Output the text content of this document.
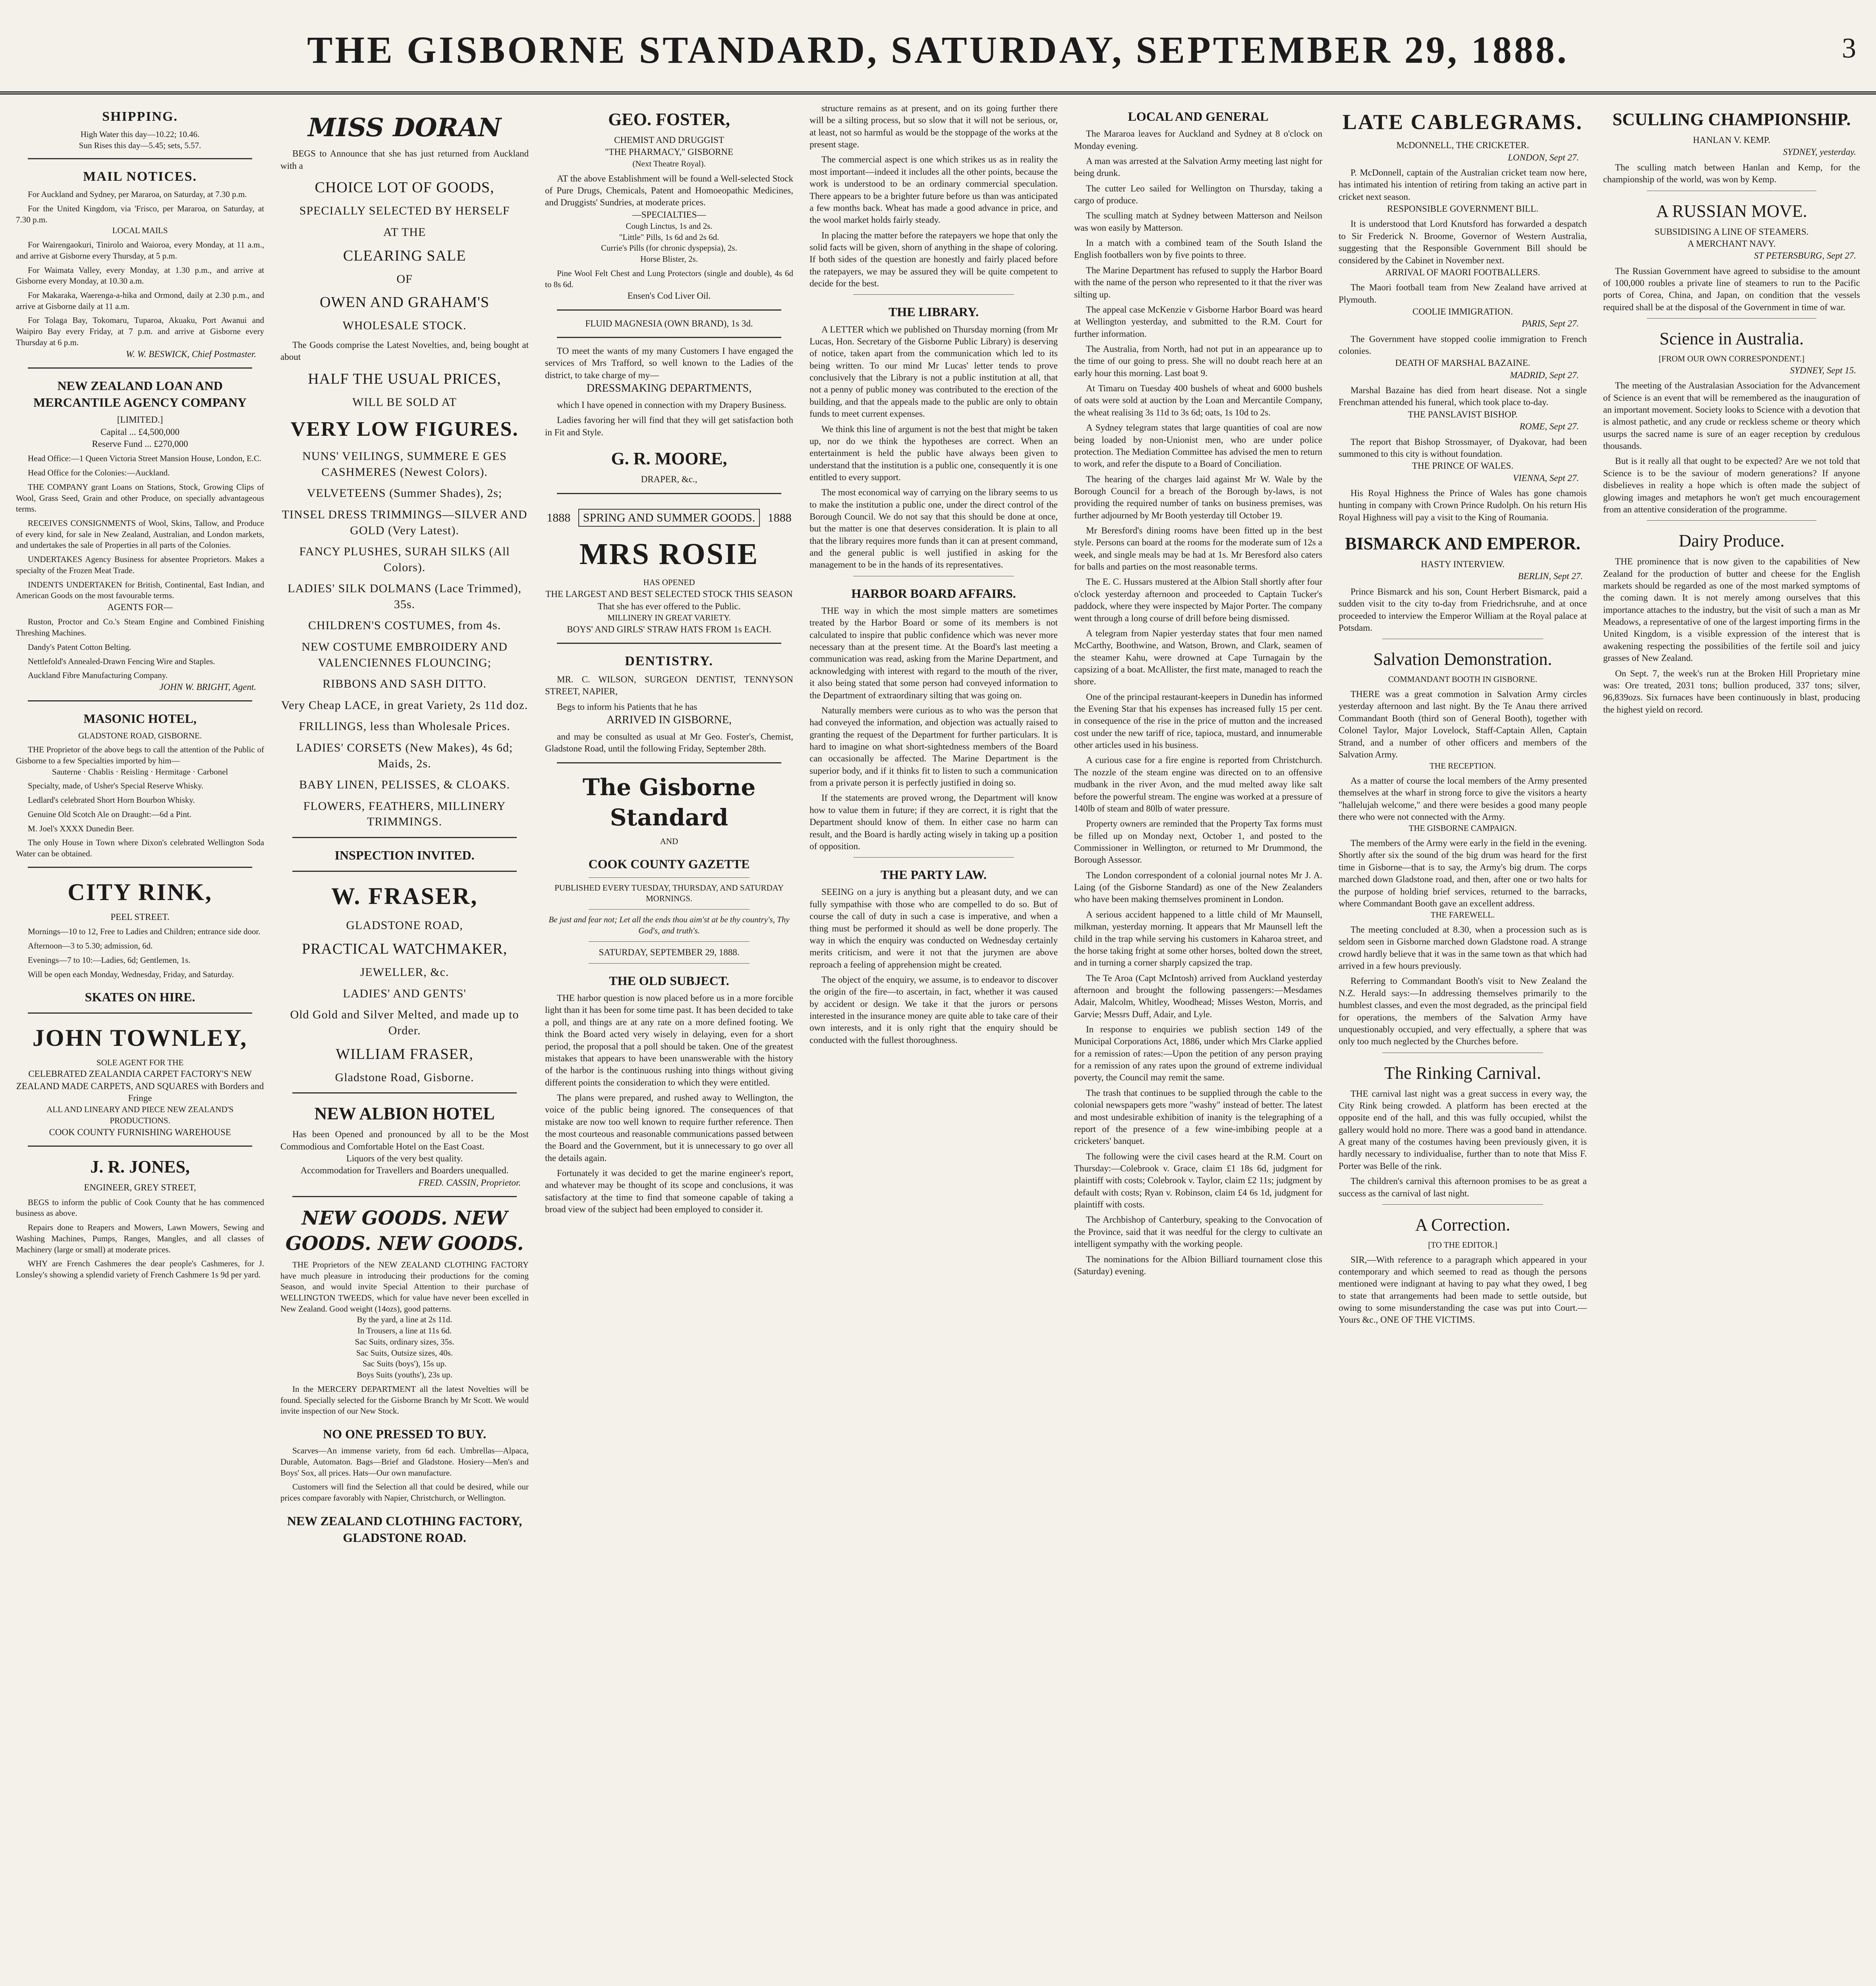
THE GISBORNE STANDARD, SATURDAY, SEPTEMBER 29, 1888.	3
SHIPPING.
High Water this day—10.22; 10.46.
Sun Rises this day—5.45; sets, 5.57.
MAIL NOTICES.
For Auckland and Sydney, per Mararoa, on Saturday, at 7.30 p.m.
For the United Kingdom, via 'Frisco, per Mararoa, on Saturday, at 7.30 p.m.
LOCAL MAILS
For Wairengaokuri, Tinirolo and Waioroa, every Monday, at 11 a.m., and arrive at Gisborne every Thursday, at 5 p.m.
For Waimata Valley, every Monday, at 1.30 p.m., and arrive at Gisborne every Monday, at 10.30 a.m.
For Makaraka, Waerenga-a-hika and Ormond, daily at 2.30 p.m., and arrive at Gisborne daily at 11 a.m.
For Tolaga Bay, Tokomaru, Tuparoa, Akuaku, Port Awanui and Waipiro Bay every Friday, at 7 p.m. and arrive at Gisborne every Thursday at 6 p.m.
W. W. BESWICK, Chief Postmaster.
NEW ZEALAND LOAN AND MERCANTILE AGENCY COMPANY
[LIMITED.]
Capital ... £4,500,000
Reserve Fund ... £270,000
Head Office:—1 Queen Victoria Street Mansion House, London, E.C.
Head Office for the Colonies:—Auckland.
THE COMPANY grant Loans on Stations, Stock, Growing Clips of Wool, Grass Seed, Grain and other Produce, on specially advantageous terms.
RECEIVES CONSIGNMENTS of Wool, Skins, Tallow, and Produce of every kind, for sale in New Zealand, Australian, and London markets, and undertakes the sale of Properties in all parts of the Colonies.
UNDERTAKES Agency Business for absentee Proprietors. Makes a specialty of the Frozen Meat Trade.
INDENTS UNDERTAKEN for British, Continental, East Indian, and American Goods on the most favourable terms.
AGENTS FOR—
Ruston, Proctor and Co.'s Steam Engine and Combined Finishing Threshing Machines.
Dandy's Patent Cotton Belting.
Nettlefold's Annealed-Drawn Fencing Wire and Staples.
Auckland Fibre Manufacturing Company.
JOHN W. BRIGHT, Agent.
MASONIC HOTEL,
GLADSTONE ROAD, GISBORNE.
THE Proprietor of the above begs to call the attention of the Public of Gisborne to a few Specialties imported by him—
Sauterne · Chablis · Reisling · Hermitage · Carbonel
Specialty, made, of Usher's Special Reserve Whisky.
Ledlard's celebrated Short Horn Bourbon Whisky.
Genuine Old Scotch Ale on Draught:—6d a Pint.
M. Joel's XXXX Dunedin Beer.
The only House in Town where Dixon's celebrated Wellington Soda Water can be obtained.
CITY RINK,
PEEL STREET.
Mornings—10 to 12, Free to Ladies and Children; entrance side door.
Afternoon—3 to 5.30; admission, 6d.
Evenings—7 to 10:—Ladies, 6d; Gentlemen, 1s.
Will be open each Monday, Wednesday, Friday, and Saturday.
SKATES ON HIRE.
JOHN TOWNLEY,
SOLE AGENT FOR THE
CELEBRATED ZEALANDIA CARPET FACTORY'S NEW ZEALAND MADE CARPETS, AND SQUARES with Borders and Fringe
ALL AND LINEARY AND PIECE NEW ZEALAND'S PRODUCTIONS.
COOK COUNTY FURNISHING WAREHOUSE
J. R. JONES,
ENGINEER, GREY STREET,
BEGS to inform the public of Cook County that he has commenced business as above.
Repairs done to Reapers and Mowers, Lawn Mowers, Sewing and Washing Machines, Pumps, Ranges, Mangles, and all classes of Machinery (large or small) at moderate prices.
WHY are French Cashmeres the dear people's Cashmeres, for J. Lonsley's showing a splendid variety of French Cashmere 1s 9d per yard.
MISS DORAN
BEGS to Announce that she has just returned from Auckland with a
CHOICE LOT OF GOODS,
SPECIALLY SELECTED BY HERSELF
AT THE
CLEARING SALE
OF
OWEN AND GRAHAM'S
WHOLESALE STOCK.
The Goods comprise the Latest Novelties, and, being bought at about
HALF THE USUAL PRICES,
WILL BE SOLD AT
VERY LOW FIGURES.
NUNS' VEILINGS, SUMMERE E GES CASHMERES (Newest Colors).
VELVETEENS (Summer Shades), 2s;
TINSEL DRESS TRIMMINGS—SILVER AND GOLD (Very Latest).
FANCY PLUSHES, SURAH SILKS (All Colors).
LADIES' SILK DOLMANS (Lace Trimmed), 35s.
CHILDREN'S COSTUMES, from 4s.
NEW COSTUME EMBROIDERY AND VALENCIENNES FLOUNCING;
RIBBONS AND SASH DITTO.
Very Cheap LACE, in great Variety, 2s 11d doz.
FRILLINGS, less than Wholesale Prices.
LADIES' CORSETS (New Makes), 4s 6d; Maids, 2s.
BABY LINEN, PELISSES, & CLOAKS.
FLOWERS, FEATHERS, MILLINERY TRIMMINGS.
INSPECTION INVITED.
W. FRASER,
GLADSTONE ROAD,
PRACTICAL WATCHMAKER,
JEWELLER, &c.
LADIES' AND GENTS'
Old Gold and Silver Melted, and made up to Order.
WILLIAM FRASER,
Gladstone Road, Gisborne.
NEW ALBION HOTEL
Has been Opened and pronounced by all to be the Most Commodious and Comfortable Hotel on the East Coast.
Liquors of the very best quality.
Accommodation for Travellers and Boarders unequalled.
FRED. CASSIN, Proprietor.
NEW GOODS. NEW GOODS. NEW GOODS.
THE Proprietors of the NEW ZEALAND CLOTHING FACTORY have much pleasure in introducing their productions for the coming Season, and would invite Special Attention to their purchase of WELLINGTON TWEEDS, which for value have never been excelled in New Zealand. Good weight (14ozs), good patterns.
By the yard, a line at 2s 11d.
In Trousers, a line at 11s 6d.
Sac Suits, ordinary sizes, 35s.
Sac Suits, Outsize sizes, 40s.
Sac Suits (boys'), 15s up.
Boys Suits (youths'), 23s up.
In the MERCERY DEPARTMENT all the latest Novelties will be found. Specially selected for the Gisborne Branch by Mr Scott. We would invite inspection of our New Stock.
NO ONE PRESSED TO BUY.
Scarves—An immense variety, from 6d each. Umbrellas—Alpaca, Durable, Automaton. Bags—Brief and Gladstone. Hosiery—Men's and Boys' Sox, all prices. Hats—Our own manufacture.
Customers will find the Selection all that could be desired, while our prices compare favorably with Napier, Christchurch, or Wellington.
NEW ZEALAND CLOTHING FACTORY, GLADSTONE ROAD.
GEO. FOSTER,
CHEMIST AND DRUGGIST
"THE PHARMACY," GISBORNE
(Next Theatre Royal).
AT the above Establishment will be found a Well-selected Stock of Pure Drugs, Chemicals, Patent and Homoeopathic Medicines, and Druggists' Sundries, at moderate prices.
—SPECIALTIES—
Cough Linctus, 1s and 2s.
"Little" Pills, 1s 6d and 2s 6d.
Currie's Pills (for chronic dyspepsia), 2s.
Horse Blister, 2s.
Pine Wool Felt Chest and Lung Protectors (single and double), 4s 6d to 8s 6d.
Ensen's Cod Liver Oil.
FLUID MAGNESIA (OWN BRAND), 1s 3d.
TO meet the wants of my many Customers I have engaged the services of Mrs Trafford, so well known to the Ladies of the district, to take charge of my—
DRESSMAKING DEPARTMENTS,
which I have opened in connection with my Drapery Business.
Ladies favoring her will find that they will get satisfaction both in Fit and Style.
G. R. MOORE,
DRAPER, &c.,
1888 SPRING AND SUMMER GOODS. 1888
MRS ROSIE
HAS OPENED
THE LARGEST AND BEST SELECTED STOCK THIS SEASON
That she has ever offered to the Public.
MILLINERY IN GREAT VARIETY.
BOYS' AND GIRLS' STRAW HATS FROM 1s EACH.
DENTISTRY.
MR. C. WILSON, SURGEON DENTIST, TENNYSON STREET, NAPIER,
Begs to inform his Patients that he has
ARRIVED IN GISBORNE,
and may be consulted as usual at Mr Geo. Foster's, Chemist, Gladstone Road, until the following Friday, September 28th.
The Gisborne Standard
AND
COOK COUNTY GAZETTE
PUBLISHED EVERY TUESDAY, THURSDAY, AND SATURDAY MORNINGS.
Be just and fear not; Let all the ends thou aim'st at be thy country's, Thy God's, and truth's.
SATURDAY, SEPTEMBER 29, 1888.
THE OLD SUBJECT.
THE harbor question is now placed before us in a more forcible light than it has been for some time past. It has been decided to take a poll, and things are at any rate on a more defined footing. We think the Board acted very wisely in delaying, even for a short period, the proposal that a poll should be taken. One of the greatest mistakes that appears to have been unanswerable with the history of the harbor is the continuous rushing into things without giving different points the consideration to which they were entitled.
The plans were prepared, and rushed away to Wellington, the voice of the public being ignored. The consequences of that mistake are now too well known to require further reference. Then the most courteous and reasonable communications passed between the Board and the Government, but it is unnecessary to go over all the details again.
Fortunately it was decided to get the marine engineer's report, and whatever may be thought of its scope and conclusions, it was satisfactory at the time to find that someone capable of taking a broad view of the subject had been employed to consider it.
structure remains as at present, and on its going further there will be a silting process, but so slow that it will not be serious, or, at least, not so harmful as would be the stoppage of the works at the present stage.
The commercial aspect is one which strikes us as in reality the most important—indeed it includes all the other points, because the work is understood to be an ordinary commercial speculation. There appears to be a brighter future before us than was anticipated a few months back. Wheat has made a good advance in price, and the wool market holds fairly steady.
In placing the matter before the ratepayers we hope that only the solid facts will be given, shorn of anything in the shape of coloring. If both sides of the question are honestly and fairly placed before the ratepayers, we may be assured they will be quite competent to decide for the best.
THE LIBRARY.
A LETTER which we published on Thursday morning (from Mr Lucas, Hon. Secretary of the Gisborne Public Library) is deserving of notice, taken apart from the communication which led to its being written. To our mind Mr Lucas' letter tends to prove conclusively that the Library is not a public institution at all, that not a penny of public money was contributed to the erection of the building, and that the appeals made to the public are only to obtain funds to meet current expenses.
We think this line of argument is not the best that might be taken up, nor do we think the hypotheses are correct. When an entertainment is held the public have always been given to understand that the institution is a public one, consequently it is one entitled to every support.
The most economical way of carrying on the library seems to us to make the institution a public one, under the direct control of the Borough Council. We do not say that this should be done at once, but the matter is one that deserves consideration. It is plain to all that the library requires more funds than it can at present command, and the general public is well justified in asking for the management to be in the hands of its representatives.
HARBOR BOARD AFFAIRS.
THE way in which the most simple matters are sometimes treated by the Harbor Board or some of its members is not calculated to inspire that public confidence which was never more necessary than at the present time. At the Board's last meeting a communication was read, asking from the Marine Department, and acknowledging with interest with regard to the mouth of the river, it also being stated that some person had conveyed information to the Department of extraordinary silting that was going on.
Naturally members were curious as to who was the person that had conveyed the information, and objection was actually raised to granting the request of the Department for further particulars. It is hard to imagine on what short-sightedness members of the Board can occasionally be affected. The Marine Department is the superior body, and if it thinks fit to listen to such a communication from a private person it is perfectly justified in doing so.
If the statements are proved wrong, the Department will know how to value them in future; if they are correct, it is right that the Department should know of them. In either case no harm can result, and the Board is hardly acting wisely in taking up a position of opposition.
THE PARTY LAW.
SEEING on a jury is anything but a pleasant duty, and we can fully sympathise with those who are compelled to do so. But of course the call of duty in such a case is imperative, and when a thing must be performed it should as well be done properly. The way in which the enquiry was conducted on Wednesday certainly merits criticism, and were it not that the jurymen are above reproach a feeling of apprehension might be created.
The object of the enquiry, we assume, is to endeavor to discover the origin of the fire—to ascertain, in fact, whether it was caused by accident or design. We take it that the jurors or persons interested in the insurance money are quite able to take care of their own interests, and it is only right that the enquiry should be conducted with the fullest thoroughness.
LOCAL AND GENERAL
The Mararoa leaves for Auckland and Sydney at 8 o'clock on Monday evening.
A man was arrested at the Salvation Army meeting last night for being drunk.
The cutter Leo sailed for Wellington on Thursday, taking a cargo of produce.
The sculling match at Sydney between Matterson and Neilson was won easily by Matterson.
In a match with a combined team of the South Island the English footballers won by five points to three.
The Marine Department has refused to supply the Harbor Board with the name of the person who represented to it that the river was silting up.
The appeal case McKenzie v Gisborne Harbor Board was heard at Wellington yesterday, and submitted to the R.M. Court for further information.
The Australia, from North, had not put in an appearance up to the time of our going to press. She will no doubt reach here at an early hour this morning. Last boat 9.
At Timaru on Tuesday 400 bushels of wheat and 6000 bushels of oats were sold at auction by the Loan and Mercantile Company, the wheat realising 3s 11d to 3s 6d; oats, 1s 10d to 2s.
A Sydney telegram states that large quantities of coal are now being loaded by non-Unionist men, who are under police protection. The Mediation Committee has advised the men to return to work, and refer the dispute to a Board of Conciliation.
The hearing of the charges laid against Mr W. Wale by the Borough Council for a breach of the Borough by-laws, is not providing the required number of tanks on business premises, was further adjourned by Mr Booth yesterday till October 19.
Mr Beresford's dining rooms have been fitted up in the best style. Persons can board at the rooms for the moderate sum of 12s a week, and single meals may be had at 1s. Mr Beresford also caters for balls and parties on the most reasonable terms.
The E. C. Hussars mustered at the Albion Stall shortly after four o'clock yesterday afternoon and proceeded to Captain Tucker's paddock, where they were inspected by Major Porter. The company went through a long course of drill before being dismissed.
A telegram from Napier yesterday states that four men named McCarthy, Boothwine, and Watson, Brown, and Clark, seamen of the steamer Kahu, were drowned at Cape Turnagain by the capsizing of a boat. McAllister, the first mate, managed to reach the shore.
One of the principal restaurant-keepers in Dunedin has informed the Evening Star that his expenses has increased fully 15 per cent. in consequence of the rise in the price of mutton and the increased cost under the new tariff of rice, tapioca, mustard, and innumerable other articles used in his business.
A curious case for a fire engine is reported from Christchurch. The nozzle of the steam engine was directed on to an offensive mudbank in the river Avon, and the mud melted away like salt before the powerful stream. The engine was worked at a pressure of 140lb of steam and 80lb of water pressure.
Property owners are reminded that the Property Tax forms must be filled up on Monday next, October 1, and posted to the Commissioner in Wellington, or returned to Mr Drummond, the Borough Assessor.
The London correspondent of a colonial journal notes Mr J. A. Laing (of the Gisborne Standard) as one of the New Zealanders who have been making themselves prominent in London.
A serious accident happened to a little child of Mr Maunsell, milkman, yesterday morning. It appears that Mr Maunsell left the child in the trap while serving his customers in Kaharoa street, and the horse taking fright at some other horses, bolted down the street, and in turning a corner sharply capsized the trap.
The Te Aroa (Capt McIntosh) arrived from Auckland yesterday afternoon and brought the following passengers:—Mesdames Adair, Malcolm, Whitley, Woodhead; Misses Weston, Morris, and Garvie; Messrs Duff, Adair, and Lyle.
In response to enquiries we publish section 149 of the Municipal Corporations Act, 1886, under which Mrs Clarke applied for a remission of rates:—Upon the petition of any person praying for a remission of any rates upon the ground of extreme individual poverty, the Council may remit the same.
The trash that continues to be supplied through the cable to the colonial newspapers gets more "washy" instead of better. The latest and most undesirable exhibition of inanity is the telegraphing of a report of the presence of a few wine-imbibing people at a cricketers' banquet.
The following were the civil cases heard at the R.M. Court on Thursday:—Colebrook v. Grace, claim £1 18s 6d, judgment for plaintiff with costs; Colebrook v. Taylor, claim £2 11s; judgment by default with costs; Ryan v. Robinson, claim £4 6s 1d, judgment for plaintiff with costs.
The Archbishop of Canterbury, speaking to the Convocation of the Province, said that it was needful for the clergy to cultivate an intelligent sympathy with the working people.
The nominations for the Albion Billiard tournament close this (Saturday) evening.
LATE CABLEGRAMS.
McDONNELL, THE CRICKETER.
LONDON, Sept 27.
P. McDonnell, captain of the Australian cricket team now here, has intimated his intention of retiring from taking an active part in cricket next season.
RESPONSIBLE GOVERNMENT BILL.
It is understood that Lord Knutsford has forwarded a despatch to Sir Frederick N. Broome, Governor of Western Australia, suggesting that the Responsible Government Bill should be considered by the Cabinet in November next.
ARRIVAL OF MAORI FOOTBALLERS.
The Maori football team from New Zealand have arrived at Plymouth.
COOLIE IMMIGRATION.
PARIS, Sept 27.
The Government have stopped coolie immigration to French colonies.
DEATH OF MARSHAL BAZAINE.
MADRID, Sept 27.
Marshal Bazaine has died from heart disease. Not a single Frenchman attended his funeral, which took place to-day.
THE PANSLAVIST BISHOP.
ROME, Sept 27.
The report that Bishop Strossmayer, of Dyakovar, had been summoned to this city is without foundation.
THE PRINCE OF WALES.
VIENNA, Sept 27.
His Royal Highness the Prince of Wales has gone chamois hunting in company with Crown Prince Rudolph. On his return His Royal Highness will pay a visit to the King of Roumania.
BISMARCK AND EMPEROR.
HASTY INTERVIEW.
BERLIN, Sept 27.
Prince Bismarck and his son, Count Herbert Bismarck, paid a sudden visit to the city to-day from Friedrichsruhe, and at once proceeded to interview the Emperor William at the Royal palace at Potsdam.
Salvation Demonstration.
COMMANDANT BOOTH IN GISBORNE.
THERE was a great commotion in Salvation Army circles yesterday afternoon and last night. By the Te Anau there arrived Commandant Booth (third son of General Booth), together with Colonel Taylor, Major Lovelock, Staff-Captain Allen, Captain Strand, and a number of other officers and members of the Salvation Army.
THE RECEPTION.
As a matter of course the local members of the Army presented themselves at the wharf in strong force to give the visitors a hearty "hallelujah welcome," and there were besides a good many people there who were not connected with the Army.
THE GISBORNE CAMPAIGN.
The members of the Army were early in the field in the evening. Shortly after six the sound of the big drum was heard for the first time in Gisborne—that is to say, the Army's big drum. The corps marched down Gladstone road, and then, after one or two halts for the purpose of holding brief services, returned to the barracks, where Commandant Booth gave an excellent address.
THE FAREWELL.
The meeting concluded at 8.30, when a procession such as is seldom seen in Gisborne marched down Gladstone road. A strange crowd hardly believe that it was in the same town as that which had arrived in a few hours previously.
Referring to Commandant Booth's visit to New Zealand the N.Z. Herald says:—In addressing themselves primarily to the humblest classes, and even the most degraded, as the principal field for operations, the members of the Salvation Army have unquestionably occupied, and very effectually, a sphere that was only too much neglected by the Churches before.
The Rinking Carnival.
THE carnival last night was a great success in every way, the City Rink being crowded. A platform has been erected at the opposite end of the hall, and this was fully occupied, whilst the gallery would hold no more. There was a good band in attendance. A great many of the costumes having been previously given, it is hardly necessary to individualise, further than to note that Miss F. Porter was Belle of the rink.
The children's carnival this afternoon promises to be as great a success as the carnival of last night.
A Correction.
[TO THE EDITOR.]
SIR,—With reference to a paragraph which appeared in your contemporary and which seemed to read as though the persons mentioned were indignant at having to pay what they owed, I beg to state that arrangements had been made to settle outside, but owing to some misunderstanding the case was put into Court.—Yours &c., ONE OF THE VICTIMS.
SCULLING CHAMPIONSHIP.
HANLAN V. KEMP.
SYDNEY, yesterday.
The sculling match between Hanlan and Kemp, for the championship of the world, was won by Kemp.
A RUSSIAN MOVE.
SUBSIDISING A LINE OF STEAMERS.
A MERCHANT NAVY.
ST PETERSBURG, Sept 27.
The Russian Government have agreed to subsidise to the amount of 100,000 roubles a private line of steamers to run to the Pacific ports of Corea, China, and Japan, on condition that the vessels required shall be at the disposal of the Government in time of war.
Science in Australia.
[FROM OUR OWN CORRESPONDENT.]
SYDNEY, Sept 15.
The meeting of the Australasian Association for the Advancement of Science is an event that will be remembered as the inauguration of an important movement. Society looks to Science with a devotion that is almost pathetic, and any crude or reckless scheme or theory which usurps the sacred name is sure of an eager reception by credulous thousands.
But is it really all that ought to be expected? Are we not told that Science is to be the saviour of modern generations? If anyone disbelieves in reality a hope which is often made the subject of glowing images and metaphors he won't get much encouragement from an attentive consideration of the programme.
Dairy Produce.
THE prominence that is now given to the capabilities of New Zealand for the production of butter and cheese for the English markets should be regarded as one of the most marked symptoms of the coming dawn. It is not merely among ourselves that this importance attaches to the industry, but the visit of such a man as Mr Meadows, a representative of one of the largest importing firms in the United Kingdom, is a visible expression of the interest that is awakening respecting the possibilities of the fertile soil and juicy grasses of New Zealand.
On Sept. 7, the week's run at the Broken Hill Proprietary mine was: Ore treated, 2031 tons; bullion produced, 337 tons; silver, 96,839ozs. Six furnaces have been continuously in blast, producing the highest yield on record.
